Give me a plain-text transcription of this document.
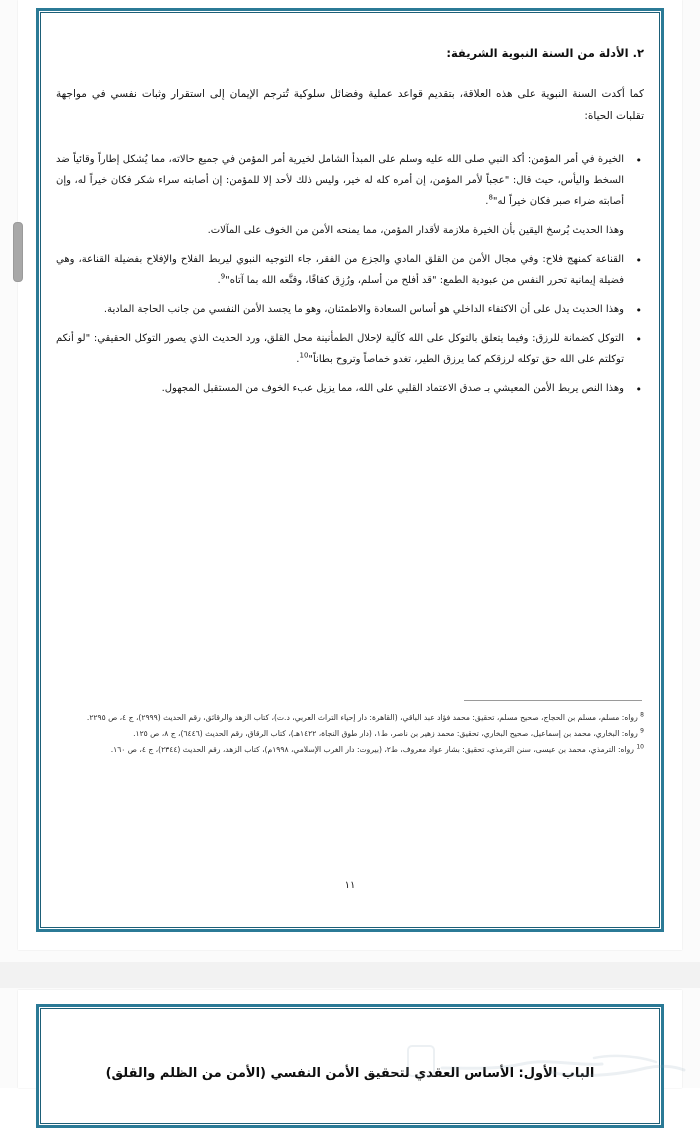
٢. الأدلة من السنة النبوية الشريفة:

كما أكدت السنة النبوية على هذه العلاقة، بتقديم قواعد عملية وفضائل سلوكية تُترجم الإيمان إلى استقرار وثبات نفسي في مواجهة تقلبات الحياة:

• الخيرة في أمر المؤمن: أكد النبي صلى الله عليه وسلم على المبدأ الشامل لخيرية أمر المؤمن في جميع حالاته، مما يُشكل إطاراً وقائياً ضد السخط واليأس، حيث قال: "عجباً لأمر المؤمن، إن أمره كله له خير، وليس ذلك لأحد إلا للمؤمن: إن أصابته سراء شكر فكان خيراً له، وإن أصابته ضراء صبر فكان خيراً له"$^8$.
وهذا الحديث يُرسخ اليقين بأن الخيرة ملازمة لأقدار المؤمن، مما يمنحه الأمن من الخوف على المآلات.
• القناعة كمنهج فلاح: وفي مجال الأمن من القلق المادي والجزع من الفقر، جاء التوجيه النبوي ليربط الفلاح والإفلاح بفضيلة القناعة، وهي فضيلة إيمانية تحرر النفس من عبودية الطمع: "قد أفلح من أسلم، ورُزِق كفافًا، وقنَّعه الله بما آتاه"$^9$.
• وهذا الحديث يدل على أن الاكتفاء الداخلي هو أساس السعادة والاطمئنان، وهو ما يجسد الأمن النفسي من جانب الحاجة المادية.
• التوكل كضمانة للرزق: وفيما يتعلق بالتوكل على الله كآلية لإحلال الطمأنينة محل القلق، ورد الحديث الذي يصور التوكل الحقيقي: "لو أنكم توكلتم على الله حق توكله لرزقكم كما يرزق الطير، تغدو خماصاً وتروح بطاناً"$^{10}$.
• وهذا النص يربط الأمن المعيشي بـ صدق الاعتماد القلبي على الله، مما يزيل عبء الخوف من المستقبل المجهول.

$^8$ رواه: مسلم، مسلم بن الحجاج، صحيح مسلم، تحقيق: محمد فؤاد عبد الباقي، (القاهرة: دار إحياء التراث العربي، د.ت)، كتاب الزهد والرقائق، رقم الحديث (٢٩٩٩)، ج ٤، ص ٢٢٩٥.

$^9$ رواه: البخاري، محمد بن إسماعيل، صحيح البخاري، تحقيق: محمد زهير بن ناصر، ط١، (دار طوق النجاة، ١٤٢٢هـ)، كتاب الرقاق، رقم الحديث (٦٤٤٦)، ج ٨، ص ١٢٥.

$^{10}$ رواه: الترمذي، محمد بن عيسى، سنن الترمذي، تحقيق: بشار عواد معروف، ط٢، (بيروت: دار الغرب الإسلامي، ١٩٩٨م)، كتاب الزهد، رقم الحديث (٢٣٤٤)، ج ٤، ص ١٦٠.

١١
الباب الأول: الأساس العقدي لتحقيق الأمن النفسي (الأمن من الظلم والقلق)
